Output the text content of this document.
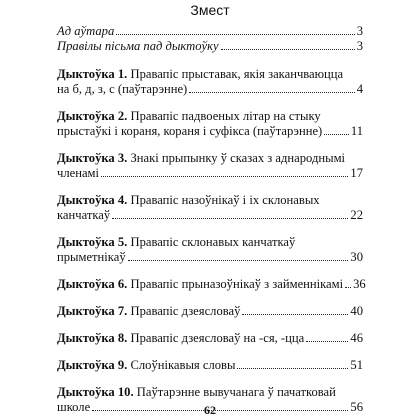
Змест
Ад аўтара	3
Правілы пісьма пад дыктоўку	3
Дыктоўка 1.
Правапіс прыставак, якія заканчваюцца
на б, д, з, с (паўтарэнне)	4
Дыктоўка 2.
Правапіс падвоеных літар на стыку
прыстаўкі і кораня, кораня і суфікса (паўтарэнне) 11
Дыктоўка 3.
Знакі прыпынку ў сказах з аднароднымі
членамі	17
Дыктоўка 4.
Правапіс назоўнікаў і іх склонавых
канчаткаў	22
Дыктоўка 5.
Правапіс склонавых канчаткаў
прыметнікаў	30
Дыктоўка 6.
Правапіс прыназоўнікаў з займеннікамі 36
Дыктоўка 7.
Правапіс дзеясловаў	40
Дыктоўка 8.
Правапіс дзеясловаў на -ся, -цца	46
Дыктоўка 9.
Слоўнікавыя словы	51
Дыктоўка 10.
Паўтарэнне вывучанага ў пачатковай
школе	56
62
